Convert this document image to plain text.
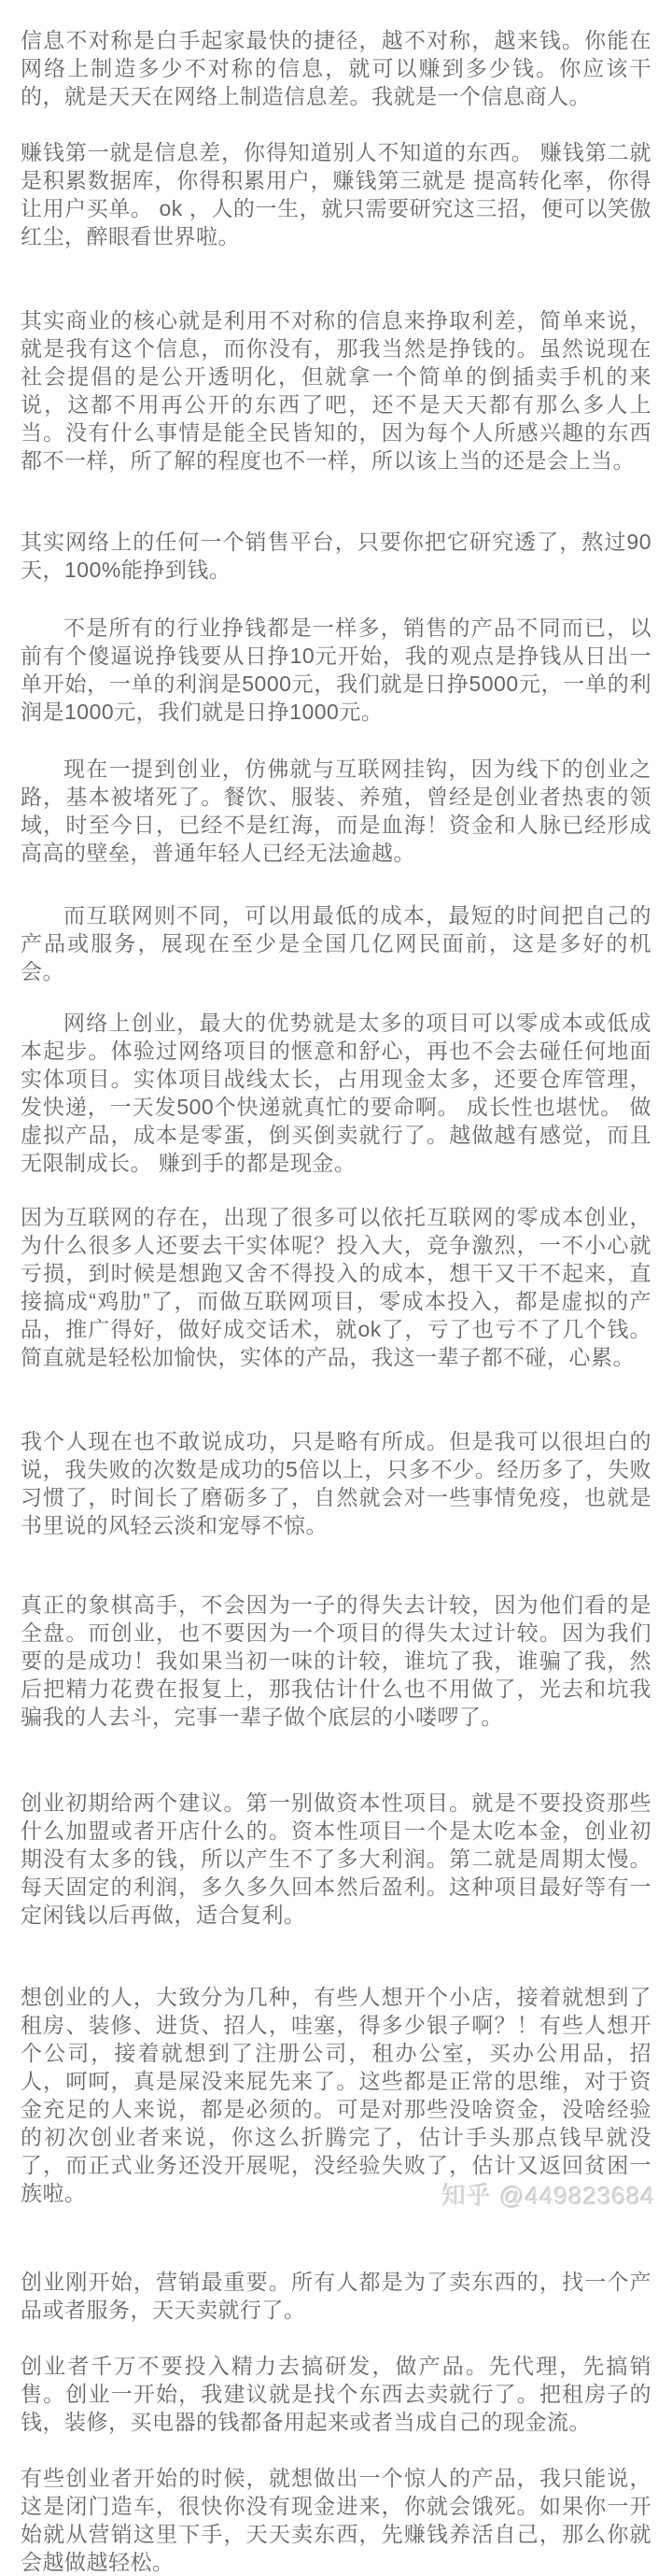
信息不对称是白手起家最快的捷径，越不对称，越来钱。你能在网络上制造多少不对称的信息，就可以赚到多少钱。你应该干的，就是天天在网络上制造信息差。我就是一个信息商人。

赚钱第一就是信息差，你得知道别人不知道的东西。 赚钱第二就是积累数据库，你得积累用户，赚钱第三就是 提高转化率，你得让用户买单。 ok ，人的一生，就只需要研究这三招，便可以笑傲红尘，醉眼看世界啦。

其实商业的核心就是利用不对称的信息来挣取利差，简单来说，就是我有这个信息，而你没有，那我当然是挣钱的。虽然说现在社会提倡的是公开透明化，但就拿一个简单的倒插卖手机的来说，这都不用再公开的东西了吧，还不是天天都有那么多人上当。没有什么事情是能全民皆知的，因为每个人所感兴趣的东西都不一样，所了解的程度也不一样，所以该上当的还是会上当。

其实网络上的任何一个销售平台，只要你把它研究透了，熬过90天，100%能挣到钱。

不是所有的行业挣钱都是一样多，销售的产品不同而已，以前有个傻逼说挣钱要从日挣10元开始，我的观点是挣钱从日出一单开始，一单的利润是5000元，我们就是日挣5000元，一单的利润是1000元，我们就是日挣1000元。

现在一提到创业，仿佛就与互联网挂钩，因为线下的创业之路，基本被堵死了。餐饮、服装、养殖，曾经是创业者热衷的领域，时至今日，已经不是红海，而是血海！资金和人脉已经形成高高的壁垒，普通年轻人已经无法逾越。

而互联网则不同，可以用最低的成本，最短的时间把自己的产品或服务，展现在至少是全国几亿网民面前，这是多好的机会。

网络上创业，最大的优势就是太多的项目可以零成本或低成本起步。体验过网络项目的惬意和舒心，再也不会去碰任何地面实体项目。实体项目战线太长，占用现金太多，还要仓库管理，发快递，一天发500个快递就真忙的要命啊。 成长性也堪忧。 做虚拟产品，成本是零蛋，倒买倒卖就行了。越做越有感觉，而且无限制成长。 赚到手的都是现金。

因为互联网的存在，出现了很多可以依托互联网的零成本创业，为什么很多人还要去干实体呢？投入大，竞争激烈，一不小心就亏损，到时候是想跑又舍不得投入的成本，想干又干不起来，直接搞成“鸡肋”了，而做互联网项目，零成本投入，都是虚拟的产品，推广得好，做好成交话术，就ok了，亏了也亏不了几个钱。简直就是轻松加愉快，实体的产品，我这一辈子都不碰，心累。

我个人现在也不敢说成功，只是略有所成。但是我可以很坦白的说，我失败的次数是成功的5倍以上，只多不少。经历多了，失败习惯了，时间长了磨砺多了，自然就会对一些事情免疫，也就是书里说的风轻云淡和宠辱不惊。

真正的象棋高手，不会因为一子的得失去计较，因为他们看的是全盘。而创业，也不要因为一个项目的得失太过计较。因为我们要的是成功！我如果当初一味的计较，谁坑了我，谁骗了我，然后把精力花费在报复上，那我估计什么也不用做了，光去和坑我骗我的人去斗，完事一辈子做个底层的小喽啰了。

创业初期给两个建议。第一别做资本性项目。就是不要投资那些什么加盟或者开店什么的。资本性项目一个是太吃本金，创业初期没有太多的钱，所以产生不了多大利润。第二就是周期太慢。每天固定的利润，多久多久回本然后盈利。这种项目最好等有一定闲钱以后再做，适合复利。

想创业的人，大致分为几种，有些人想开个小店，接着就想到了租房、装修、进货、招人，哇塞，得多少银子啊？！有些人想开个公司，接着就想到了注册公司，租办公室，买办公用品，招人，呵呵，真是屎没来屁先来了。这些都是正常的思维，对于资金充足的人来说，都是必须的。可是对那些没啥资金，没啥经验的初次创业者来说，你这么折腾完了，估计手头那点钱早就没了，而正式业务还没开展呢，没经验失败了，估计又返回贫困一族啦。

创业刚开始，营销最重要。所有人都是为了卖东西的，找一个产品或者服务，天天卖就行了。

创业者千万不要投入精力去搞研发，做产品。先代理，先搞销售。创业一开始，我建议就是找个东西去卖就行了。把租房子的钱，装修，买电器的钱都备用起来或者当成自己的现金流。

有些创业者开始的时候，就想做出一个惊人的产品，我只能说，这是闭门造车，很快你没有现金进来，你就会饿死。如果你一开始就从营销这里下手，天天卖东西，先赚钱养活自己，那么你就会越做越轻松。

知乎 @449823684
